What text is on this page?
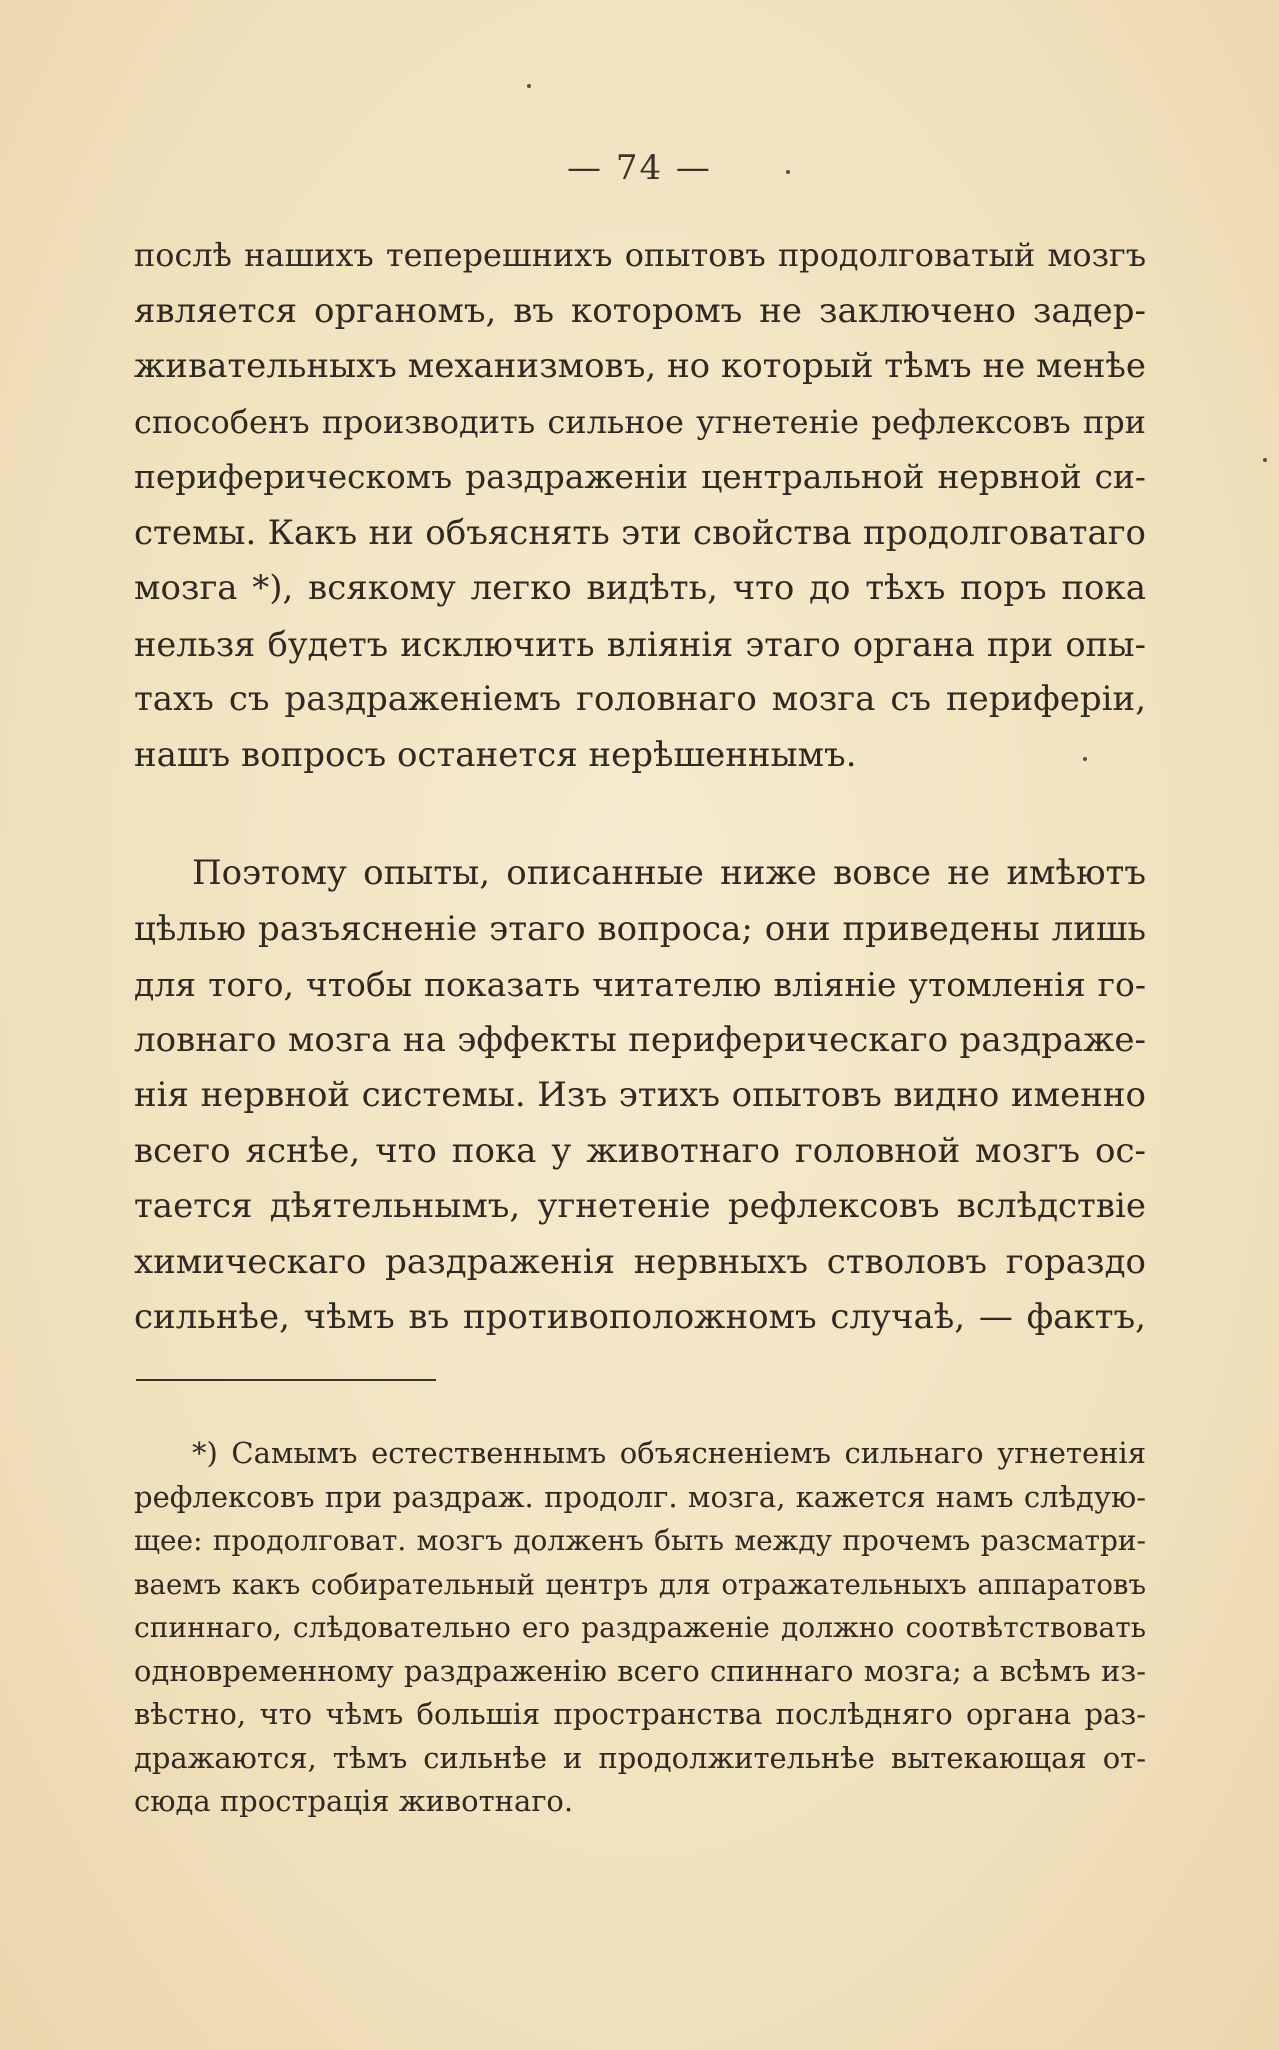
— 74 —
послѣ нашихъ теперешнихъ опытовъ продолговатый мозгъ
является органомъ, въ которомъ не заключено задер-
живательныхъ механизмовъ, но который тѣмъ не менѣе
способенъ производить сильное угнетеніе рефлексовъ при
периферическомъ раздраженіи центральной нервной си-
стемы. Какъ ни объяснять эти свойства продолговатаго
мозга *), всякому легко видѣть, что до тѣхъ поръ пока
нельзя будетъ исключить вліянія этаго органа при опы-
тахъ съ раздраженіемъ головнаго мозга съ периферіи,
нашъ вопросъ останется нерѣшеннымъ.
Поэтому опыты, описанные ниже вовсе не имѣютъ
цѣлью разъясненіе этаго вопроса; они приведены лишь
для того, чтобы показать читателю вліяніе утомленія го-
ловнаго мозга на эффекты периферическаго раздраже-
нія нервной системы. Изъ этихъ опытовъ видно именно
всего яснѣе, что пока у животнаго головной мозгъ ос-
тается дѣятельнымъ, угнетеніе рефлексовъ вслѣдствіе
химическаго раздраженія нервныхъ стволовъ гораздо
сильнѣе, чѣмъ въ противоположномъ случаѣ, — фактъ,
*) Самымъ естественнымъ объясненіемъ сильнаго угнетенія
рефлексовъ при раздраж. продолг. мозга, кажется намъ слѣдую-
щее: продолговат. мозгъ долженъ быть между прочемъ разсматри-
ваемъ какъ собирательный центръ для отражательныхъ аппаратовъ
спиннаго, слѣдовательно его раздраженіе должно соотвѣтствовать
одновременному раздраженію всего спиннаго мозга; а всѣмъ из-
вѣстно, что чѣмъ большія пространства послѣдняго органа раз-
дражаются, тѣмъ сильнѣе и продолжительнѣе вытекающая от-
сюда прострація животнаго.
